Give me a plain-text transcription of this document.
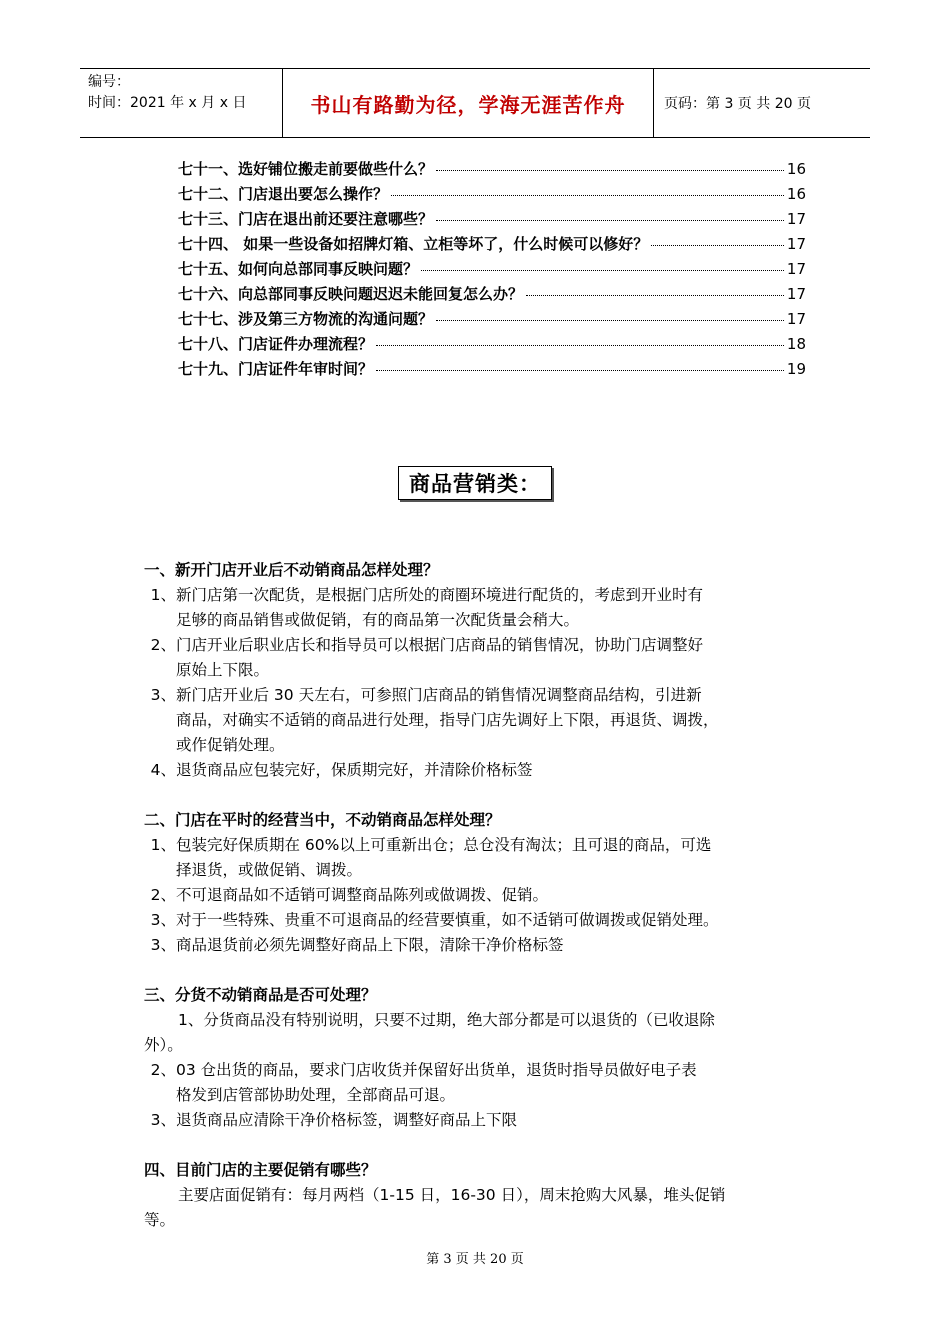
编号：
时间：2021 年 x 月 x 日	书山有路勤为径，学海无涯苦作舟	页码：第 3 页 共 20 页
七十一、选好铺位搬走前要做些什么？	16
七十二、门店退出要怎么操作？	16
七十三、门店在退出前还要注意哪些？	17
七十四、 如果一些设备如招牌灯箱、立柜等坏了，什么时候可以修好？	17
七十五、如何向总部同事反映问题？	17
七十六、向总部同事反映问题迟迟未能回复怎么办？	17
七十七、涉及第三方物流的沟通问题？	17
七十八、门店证件办理流程？	18
七十九、门店证件年审时间？	19
商品营销类：
一、新开门店开业后不动销商品怎样处理？
1、 新门店第一次配货，是根据门店所处的商圈环境进行配货的，考虑到开业时有
足够的商品销售或做促销，有的商品第一次配货量会稍大。
2、 门店开业后职业店长和指导员可以根据门店商品的销售情况，协助门店调整好
原始上下限。
3、 新门店开业后 30 天左右，可参照门店商品的销售情况调整商品结构，引进新
商品，对确实不适销的商品进行处理，指导门店先调好上下限，再退货、调拨，
或作促销处理。
4、 退货商品应包装完好，保质期完好，并清除价格标签
二、门店在平时的经营当中，不动销商品怎样处理？
1、 包装完好保质期在 60%以上可重新出仓；总仓没有淘汰；且可退的商品，可选
择退货，或做促销、调拨。
2、 不可退商品如不适销可调整商品陈列或做调拨、促销。
3、 对于一些特殊、贵重不可退商品的经营要慎重，如不适销可做调拨或促销处理。
3、 商品退货前必须先调整好商品上下限，清除干净价格标签
三、分货不动销商品是否可处理？
1、分货商品没有特别说明，只要不过期，绝大部分都是可以退货的（已收退除
外）。
2、 03 仓出货的商品，要求门店收货并保留好出货单，退货时指导员做好电子表
格发到店管部协助处理，全部商品可退。
3、 退货商品应清除干净价格标签，调整好商品上下限
四、目前门店的主要促销有哪些？
主要店面促销有：每月两档（1-15 日，16-30 日），周末抢购大风暴，堆头促销
等。
第 3 页 共 20 页
